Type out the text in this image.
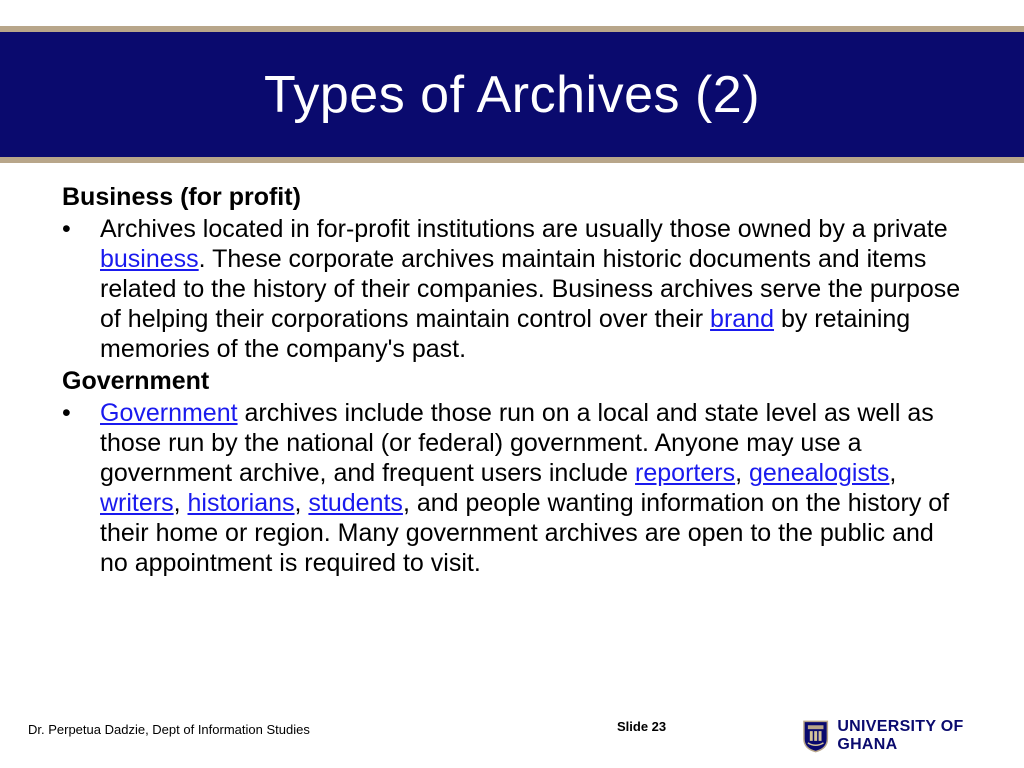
Types of Archives (2)
Business (for profit)
• Archives located in for-profit institutions are usually those owned by a private business. These corporate archives maintain historic documents and items related to the history of their companies. Business archives serve the purpose of helping their corporations maintain control over their brand by retaining memories of the company's past.
Government
• Government archives include those run on a local and state level as well as those run by the national (or federal) government. Anyone may use a government archive, and frequent users include reporters, genealogists, writers, historians, students, and people wanting information on the history of their home or region. Many government archives are open to the public and no appointment is required to visit.
Dr. Perpetua Dadzie, Dept of Information Studies	Slide 23	UNIVERSITY OF GHANA
